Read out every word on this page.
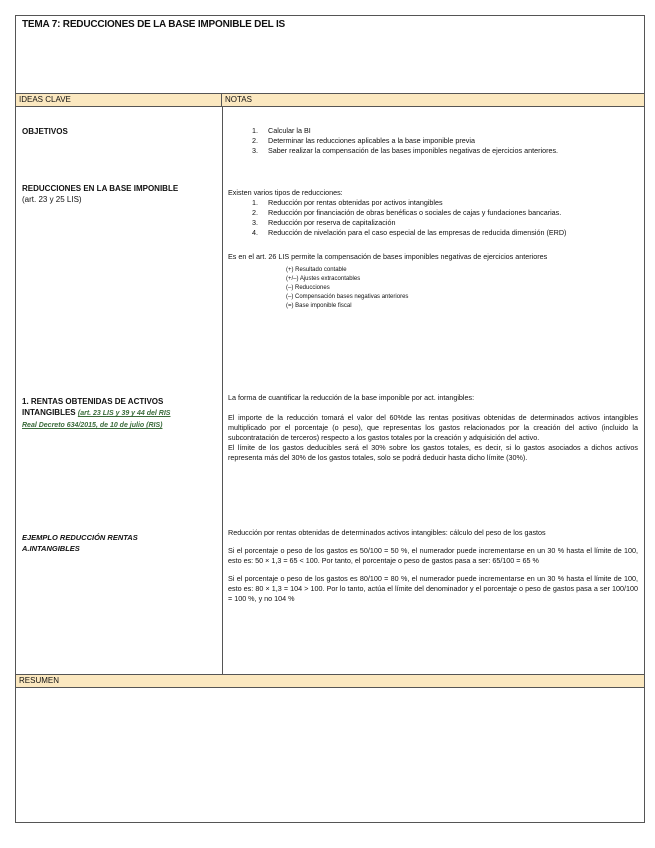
TEMA 7: REDUCCIONES DE LA BASE IMPONIBLE DEL IS
IDEAS CLAVE	NOTAS
OBJETIVOS	1. Calcular la BI
2. Determinar las reducciones aplicables a la base imponible previa
3. Saber realizar la compensación de las bases imponibles negativas de ejercicios anteriores.
REDUCCIONES EN LA BASE IMPONIBLE
(art. 23 y 25 LIS)

Existen varios tipos de reducciones:

1. Reducción por rentas obtenidas por activos intangibles
2. Reducción por financiación de obras benéficas o sociales de cajas y fundaciones bancarias.
3. Reducción por reserva de capitalización
4. Reducción de nivelación para el caso especial de las empresas de reducida dimensión (ERD)

Es en el art. 26 LIS permite la compensación de bases imponibles negativas de ejercicios anteriores

(+) Resultado contable
(+/–) Ajustes extracontables
(–) Reducciones
(–) Compensación bases negativas anteriores
(=) Base imponible fiscal
1. RENTAS OBTENIDAS DE ACTIVOS
INTANGIBLES (art. 23 LIS y 39 y 44 del RIS
Real Decreto 634/2015, de 10 de julio (RIS)

La forma de cuantificar la reducción de la base imponible por act. intangibles:

El importe de la reducción tomará el valor del 60%de las rentas positivas obtenidas de determinados activos intangibles multiplicado por el porcentaje (o peso), que representas los gastos relacionados por la creación del activo (incluido la subcontratación de terceros) respecto a los gastos totales por la creación y adquisición del activo.

El límite de los gastos deducibles será el 30% sobre los gastos totales, es decir, si lo gastos asociados a dichos activos representa más del 30% de los gastos totales, solo se podrá deducir hasta dicho límite (30%).

EJEMPLO REDUCCIÓN RENTAS
A.INTANGIBLES

Reducción por rentas obtenidas de determinados activos intangibles: cálculo del peso de los gastos

Si el porcentaje o peso de los gastos es 50/100 = 50 %, el numerador puede incrementarse en un 30 % hasta el límite de 100, esto es: 50 × 1,3 = 65 < 100. Por tanto, el porcentaje o peso de gastos pasa a ser: 65/100 = 65 %

Si el porcentaje o peso de los gastos es 80/100 = 80 %, el numerador puede incrementarse en un 30 % hasta el límite de 100, esto es: 80 × 1,3 = 104 > 100. Por lo tanto, actúa el límite del denominador y el porcentaje o peso de gastos pasa a ser 100/100 = 100 %, y no 104 %

RESUMEN
